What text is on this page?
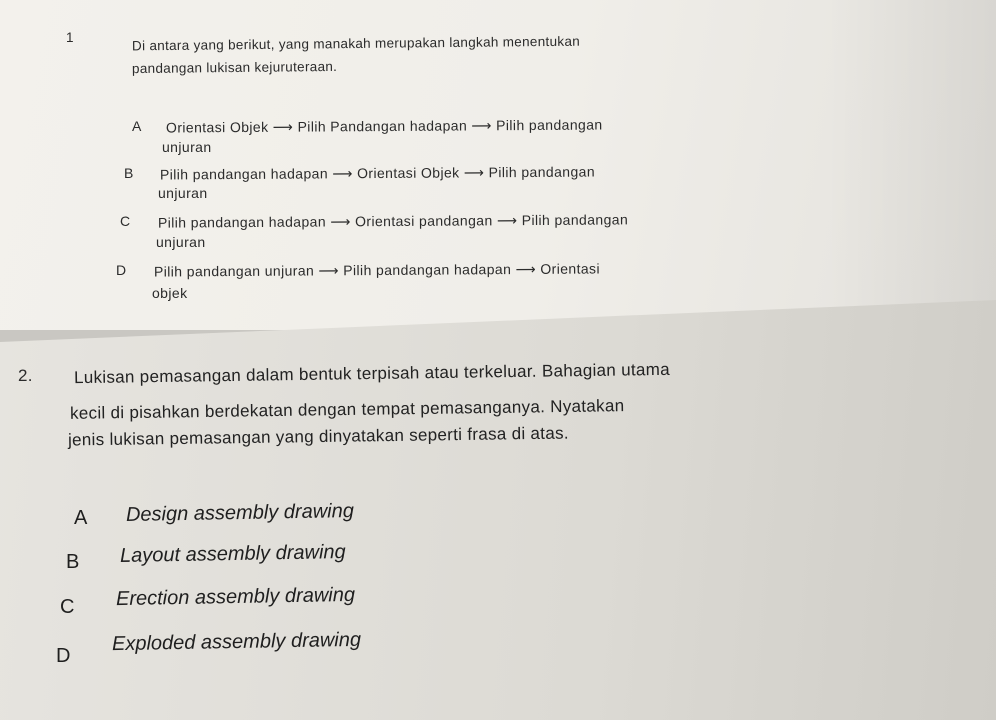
1	Di antara yang berikut, yang manakah merupakan langkah menentukan
pandangan lukisan kejuruteraan.
A Orientasi Objek ⟶ Pilih Pandangan hadapan ⟶ Pilih pandangan
unjuran
B Pilih pandangan hadapan ⟶ Orientasi Objek ⟶ Pilih pandangan
unjuran
C Pilih pandangan hadapan ⟶ Orientasi pandangan ⟶ Pilih pandangan
unjuran
D Pilih pandangan unjuran ⟶ Pilih pandangan hadapan ⟶ Orientasi
objek
2. Lukisan pemasangan dalam bentuk terpisah atau terkeluar. Bahagian utama
kecil di pisahkan berdekatan dengan tempat pemasanganya. Nyatakan
jenis lukisan pemasangan yang dinyatakan seperti frasa di atas.
A Design assembly drawing
B Layout assembly drawing
C Erection assembly drawing
D
Exploded assembly drawing
